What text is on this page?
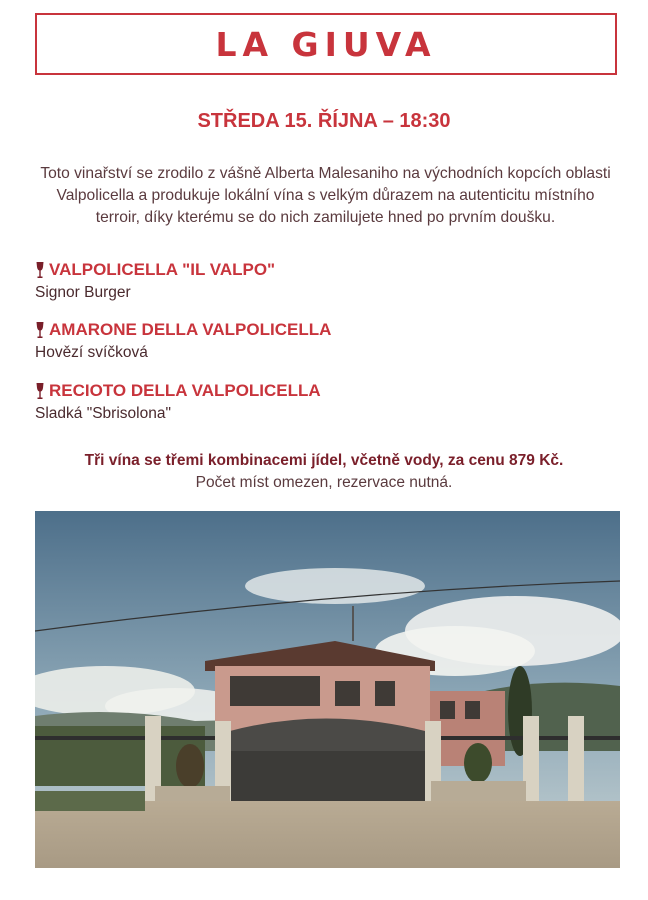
LA GIUVA
STŘEDA 15. ŘÍJNA – 18:30
Toto vinařství se zrodilo z vášně Alberta Malesaniho na východních kopcích oblasti Valpolicella a produkuje lokální vína s velkým důrazem na autenticitu místního terroir, díky kterému se do nich zamilujete hned po prvním doušku.
VALPOLICELLA "IL VALPO"
Signor Burger
AMARONE DELLA VALPOLICELLA
Hovězí svíčková
RECIOTO DELLA VALPOLICELLA
Sladká "Sbrisolona"
Tři vína se třemi kombinacemi jídel, včetně vody, za cenu 879 Kč.
Počet míst omezen, rezervace nutná.
